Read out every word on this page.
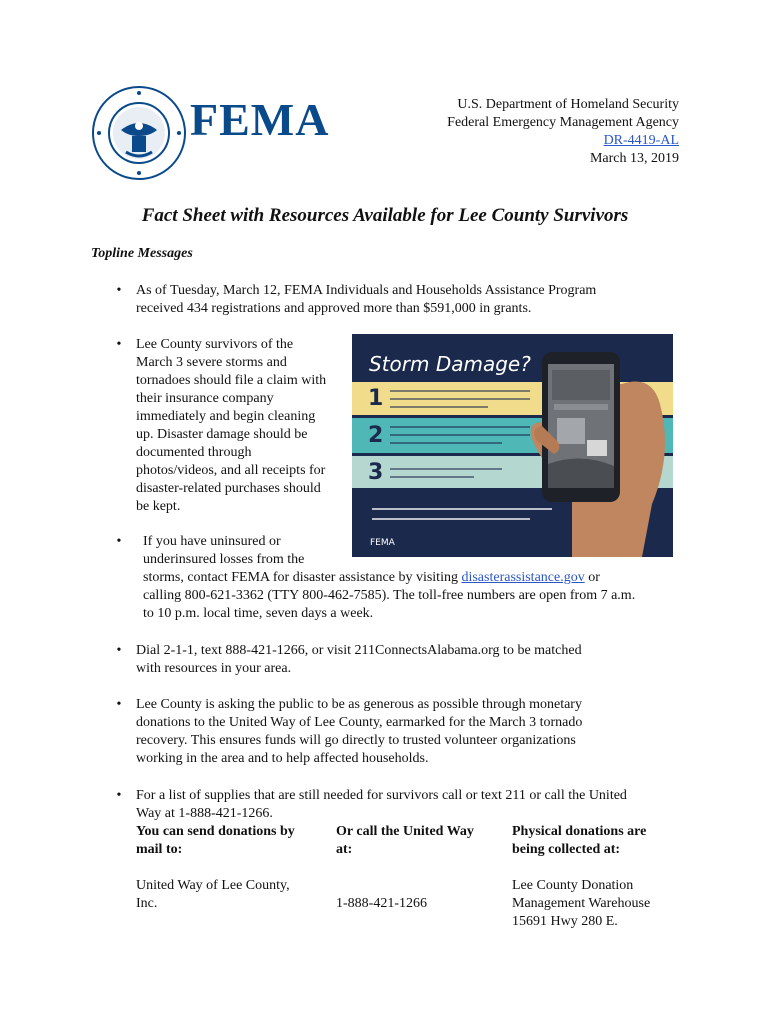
FEMA	U.S. Department of Homeland Security
Federal Emergency Management Agency
DR-4419-AL
March 13, 2019
Fact Sheet with Resources Available for Lee County Survivors
Topline Messages
• As of Tuesday, March 12, FEMA Individuals and Households Assistance Program
received 434 registrations and approved more than $591,000 in grants.
• Lee County survivors of the
March 3 severe storms and
tornadoes should file a claim with
their insurance company
immediately and begin cleaning
up. Disaster damage should be
documented through
photos/videos, and all receipts for
disaster-related purchases should
be kept.
Storm Damage?
1
2
3
FEMA
• If you have uninsured or
underinsured losses from the
storms, contact FEMA for disaster assistance by visiting disasterassistance.gov or
calling 800-621-3362 (TTY 800-462-7585). The toll-free numbers are open from 7 a.m.
to 10 p.m. local time, seven days a week.
• Dial 2-1-1, text 888-421-1266, or visit 211ConnectsAlabama.org to be matched
with resources in your area.
• Lee County is asking the public to be as generous as possible through monetary
donations to the United Way of Lee County, earmarked for the March 3 tornado
recovery. This ensures funds will go directly to trusted volunteer organizations
working in the area and to help affected households.
• For a list of supplies that are still needed for survivors call or text 211 or call the United
Way at 1-888-421-1266.
You can send donations by
mail to:
Or call the United Way
at:
Physical donations are
being collected at:
United Way of Lee County,
Inc.	1-888-421-1266
Lee County Donation
Management Warehouse
15691 Hwy 280 E.
